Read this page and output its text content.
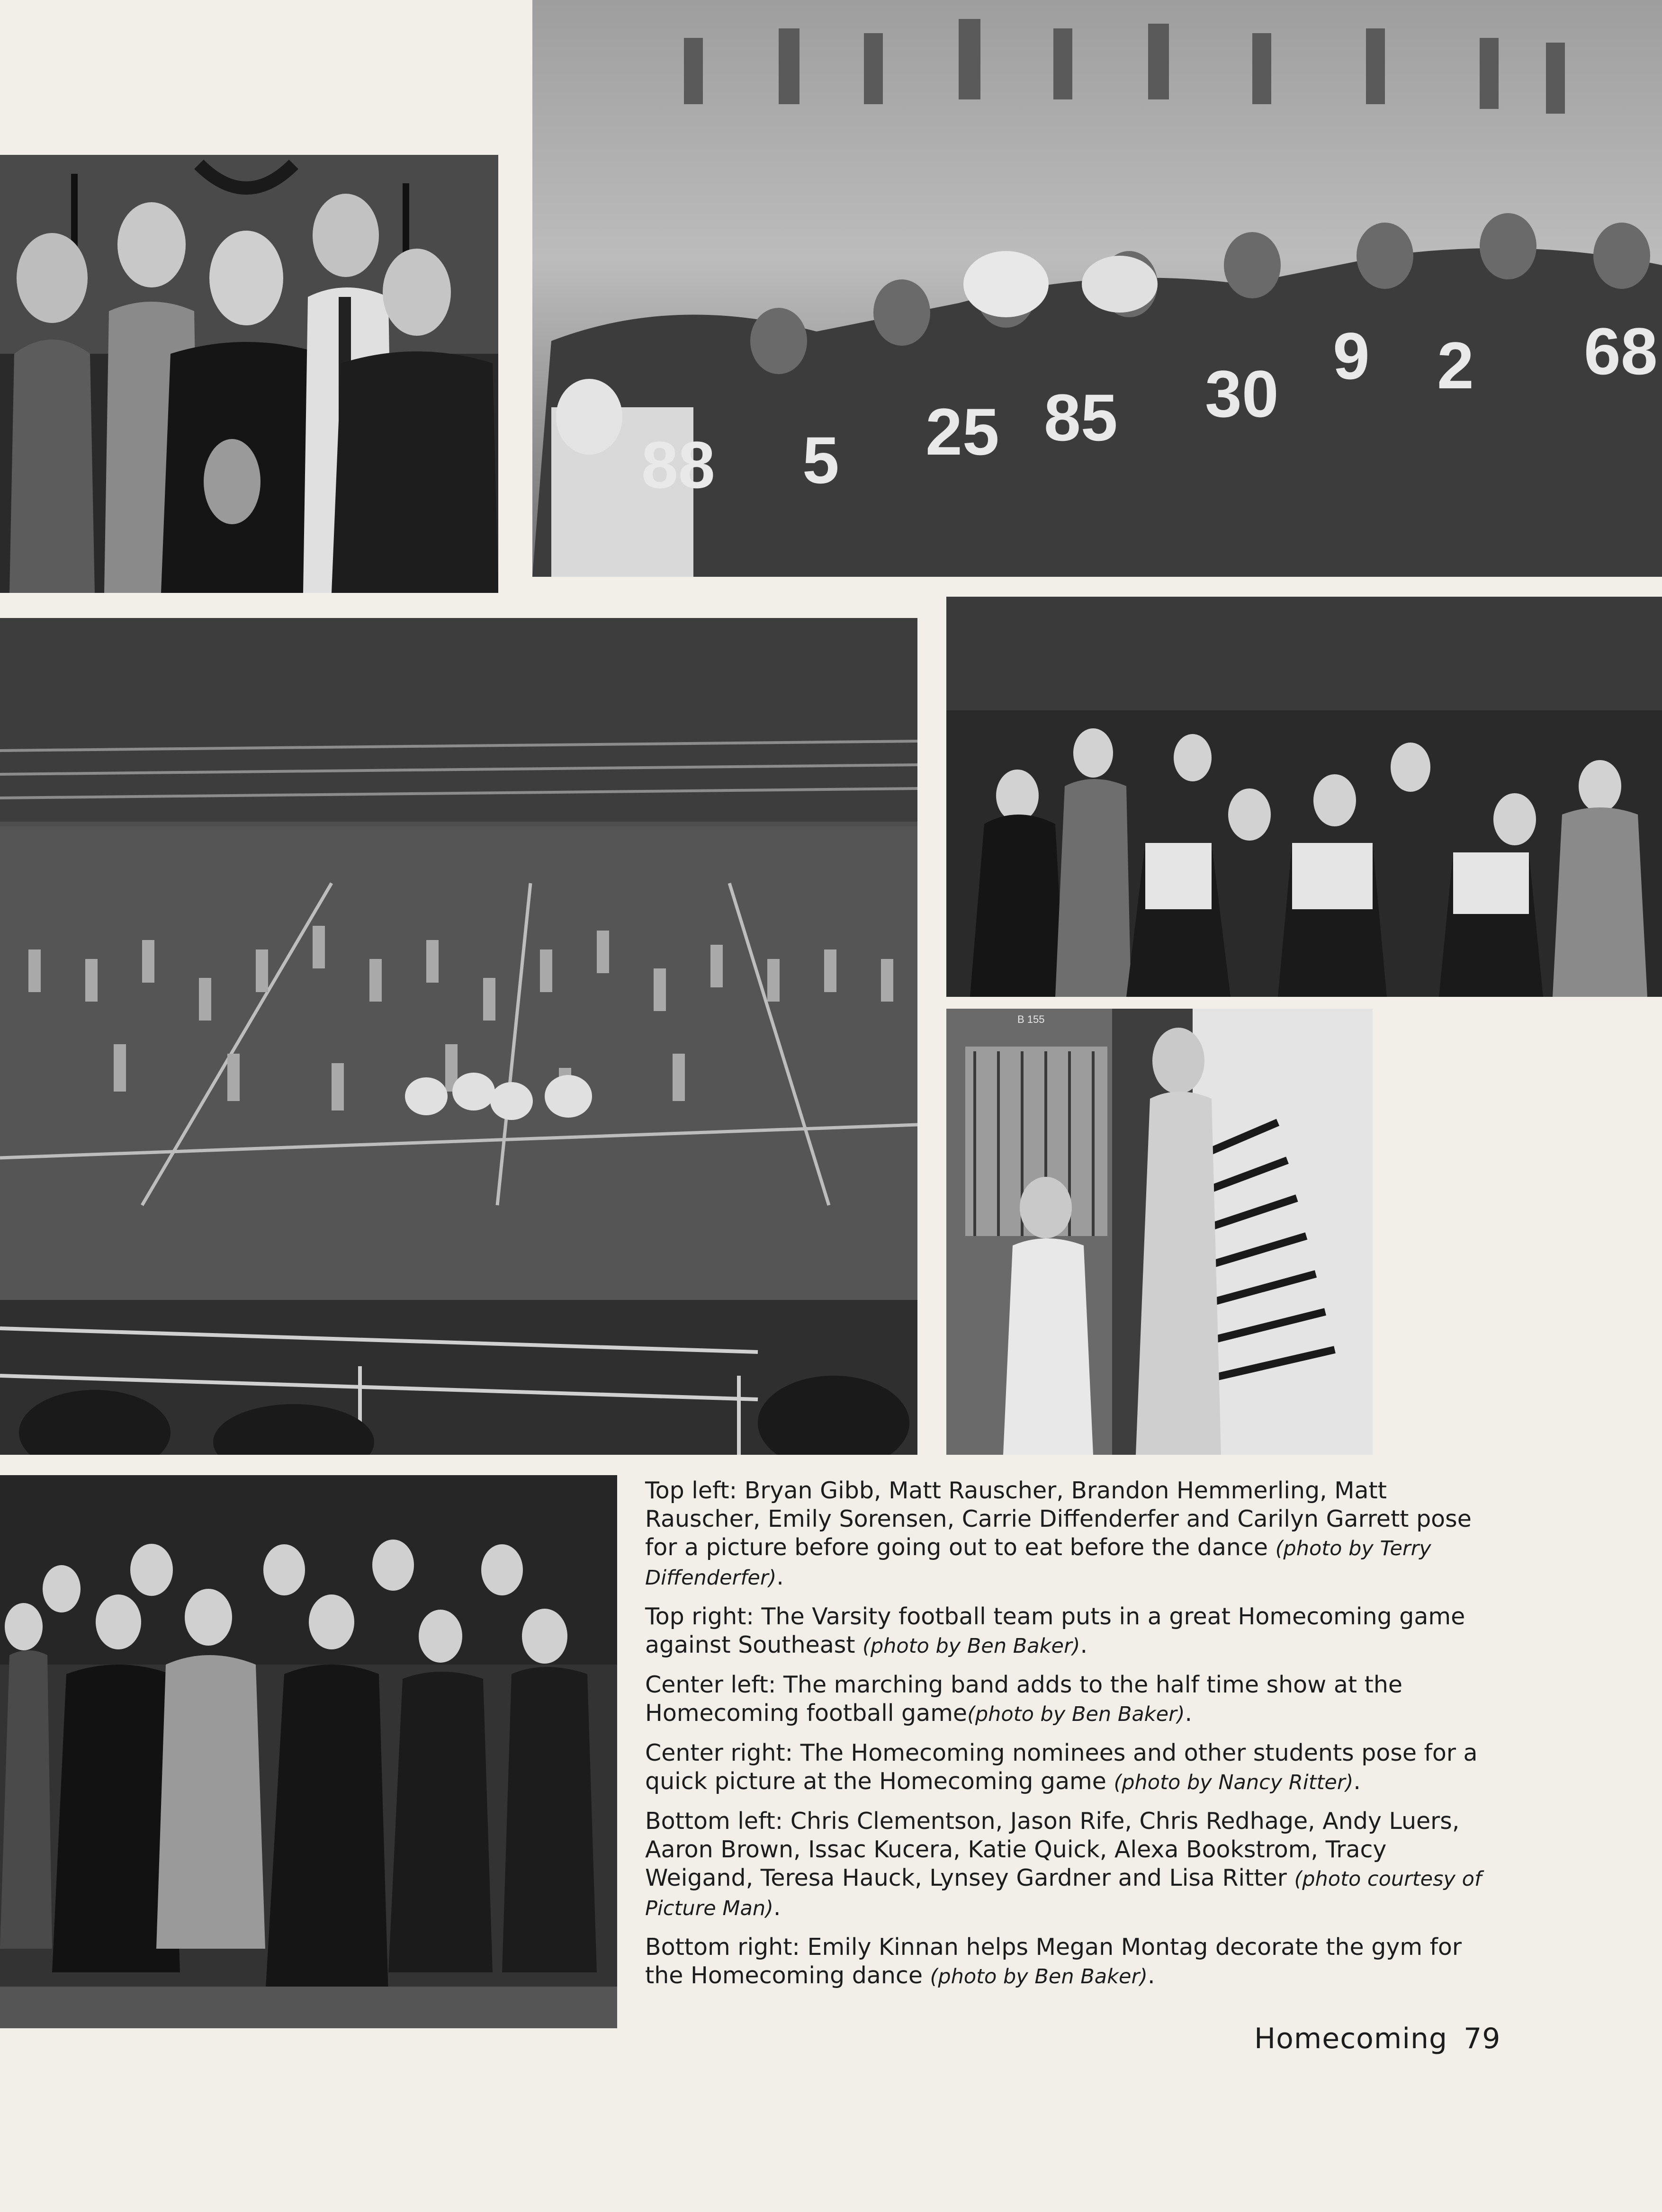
88 5 25 85 30
9 2 68
B 155

Top left: Bryan Gibb, Matt Rauscher, Brandon Hemmerling, Matt Rauscher, Emily Sorensen, Carrie Diffenderfer and Carilyn Garrett pose for a picture before going out to eat before the dance (photo by Terry Diffenderfer).

Top right: The Varsity football team puts in a great Homecoming game against Southeast (photo by Ben Baker).

Center left: The marching band adds to the half time show at the Homecoming football game(photo by Ben Baker).

Center right: The Homecoming nominees and other students pose for a quick picture at the Homecoming game (photo by Nancy Ritter).

Bottom left: Chris Clementson, Jason Rife, Chris Redhage, Andy Luers, Aaron Brown, Issac Kucera, Katie Quick, Alexa Bookstrom, Tracy Weigand, Teresa Hauck, Lynsey Gardner and Lisa Ritter (photo courtesy of Picture Man).

Bottom right: Emily Kinnan helps Megan Montag decorate the gym for the Homecoming dance (photo by Ben Baker).

Homecoming 79
